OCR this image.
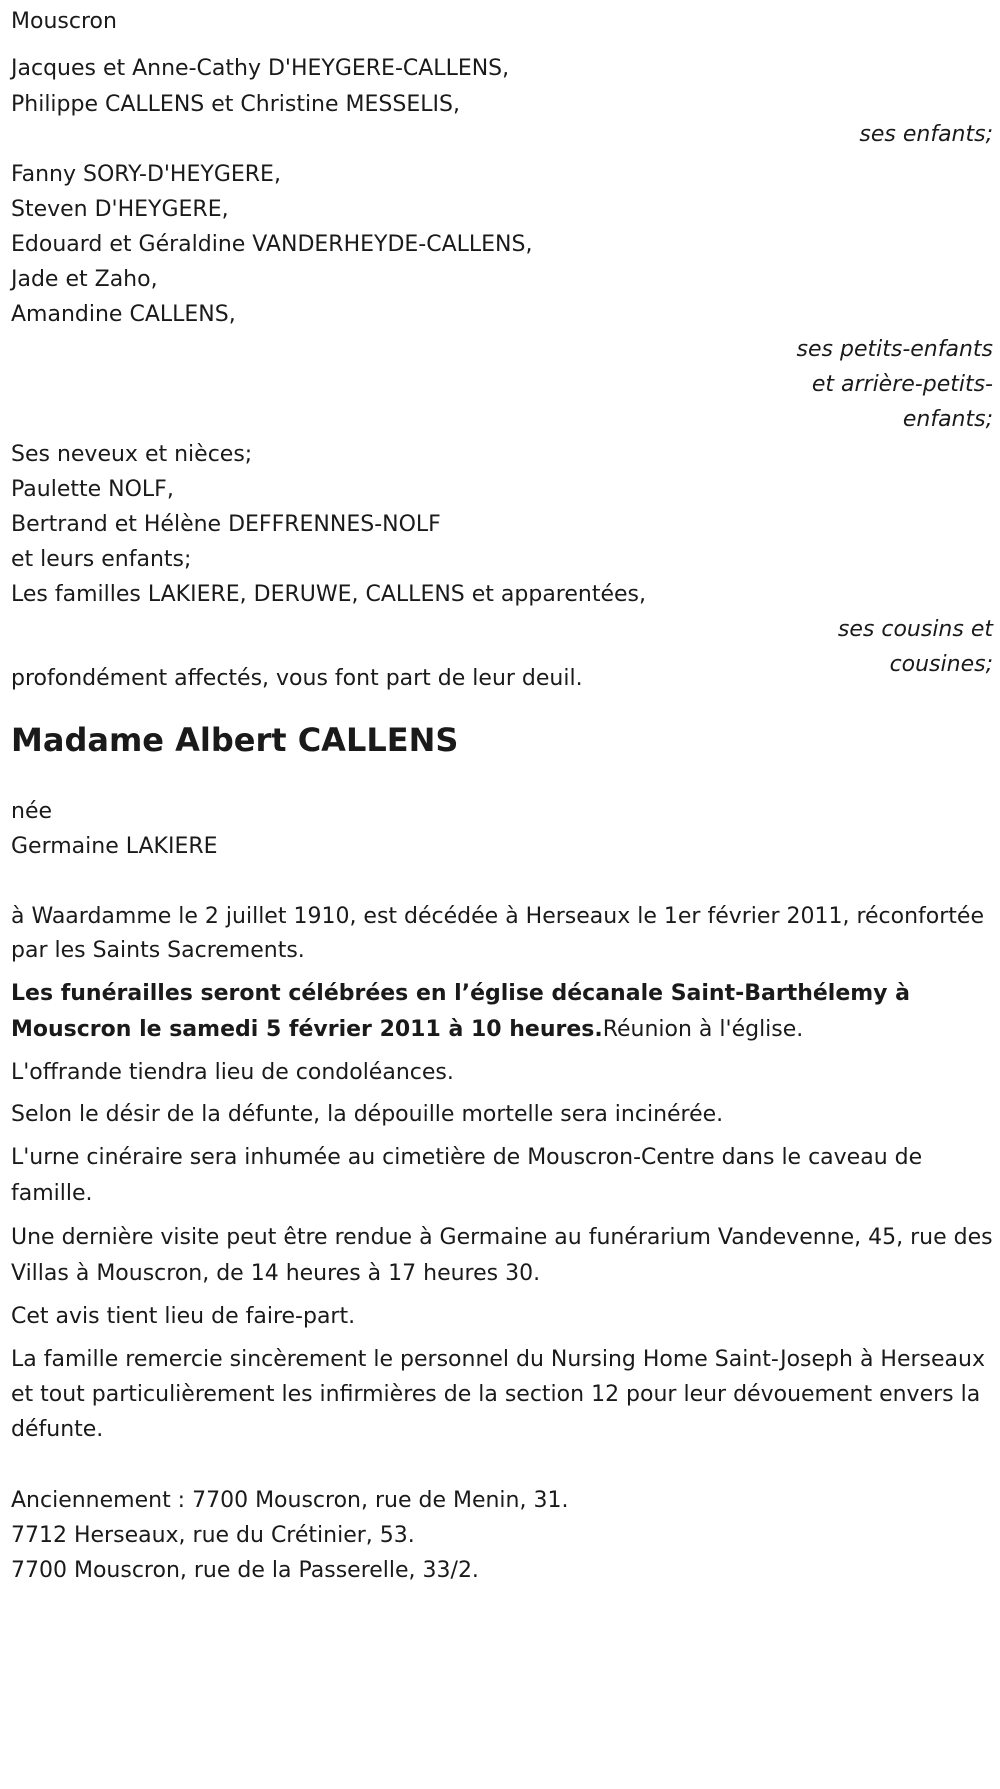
Mouscron
Jacques et Anne-Cathy D'HEYGERE-CALLENS,
Philippe CALLENS et Christine MESSELIS,
ses enfants;
Fanny SORY-D'HEYGERE,
Steven D'HEYGERE,
Edouard et Géraldine VANDERHEYDE-CALLENS,
Jade et Zaho,
Amandine CALLENS,
ses petits-enfants
et arrière-petits-
enfants;
Ses neveux et nièces;
Paulette NOLF,
Bertrand et Hélène DEFFRENNES-NOLF
et leurs enfants;
Les familles LAKIERE, DERUWE, CALLENS et apparentées,
ses cousins et
profondément affectés, vous font part de leur deuil.
cousines;
Madame Albert CALLENS
née
Germaine LAKIERE

à Waardamme le 2 juillet 1910, est décédée à Herseaux le 1er février 2011, réconfortée par les Saints Sacrements.

Les funérailles seront célébrées en l’église décanale Saint-Barthélemy à Mouscron le samedi 5 février 2011 à 10 heures.Réunion à l'église.

L'offrande tiendra lieu de condoléances.

Selon le désir de la défunte, la dépouille mortelle sera incinérée.

L'urne cinéraire sera inhumée au cimetière de Mouscron-Centre dans le caveau de famille.

Une dernière visite peut être rendue à Germaine au funérarium Vandevenne, 45, rue des Villas à Mouscron, de 14 heures à 17 heures 30.

Cet avis tient lieu de faire-part.

La famille remercie sincèrement le personnel du Nursing Home Saint-Joseph à Herseaux et tout particulièrement les infirmières de la section 12 pour leur dévouement envers la défunte.

Anciennement : 7700 Mouscron, rue de Menin, 31.
7712 Herseaux, rue du Crétinier, 53.
7700 Mouscron, rue de la Passerelle, 33/2.
